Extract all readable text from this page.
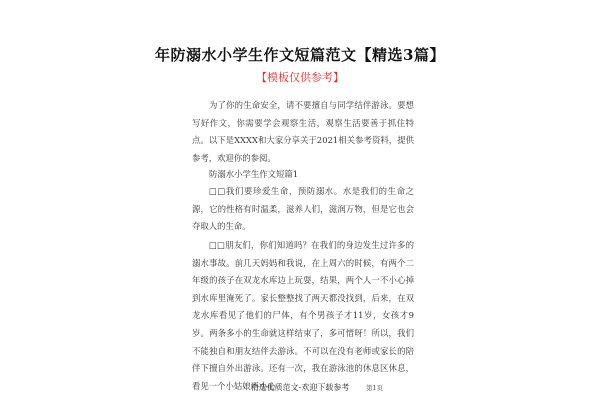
年防溺水小学生作文短篇范文【精选3篇】
【模板仅供参考】
为了你的生命安全，请不要擅自与同学结伴游泳。要想写好作文，你需要学会观察生活，观察生活要善于抓住特点。以下是XXXX和大家分享关于2021相关参考资料，提供参考，欢迎你的参阅。
防溺水小学生作文短篇1
□□我们要珍爱生命，预防溺水。水是我们的生命之源，它的性格有时温柔，滋养人们，滋润万物，但是它也会夺取人的生命。
□□朋友们，你们知道吗？在我们的身边发生过许多的溺水事故。前几天妈妈和我说，在上周六的时候，有两个二年级的孩子在双龙水库边上玩耍，结果，两个人一不小心掉到水库里淹死了。家长整整找了两天都没找到，后来，在双龙水库看见了他们的尸体，有个男孩子才11岁，女孩才9岁。两条多小的生命就这样结束了，多可惜呀！所以，我们不能独自和朋友结伴去游泳。不可以在没有老师或家长的陪伴下擅自外出游泳。还有一次，我在游泳池的休息区休息，看见一个小姑娘不小心
精选优质范文-欢迎下载参考	第1页
